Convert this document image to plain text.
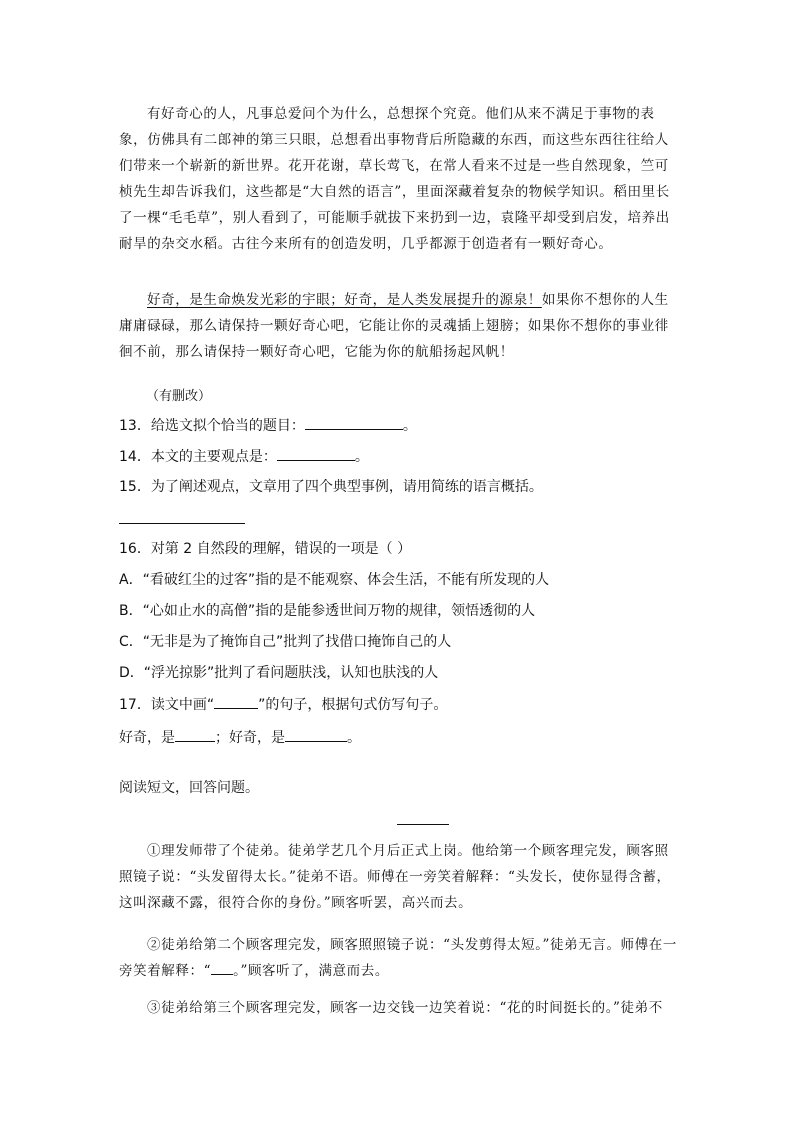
有好奇心的人，凡事总爱问个为什么，总想探个究竟。他们从来不满足于事物的表象，仿佛具有二郎神的第三只眼，总想看出事物背后所隐藏的东西，而这些东西往往给人们带来一个崭新的新世界。花开花谢，草长莺飞，在常人看来不过是一些自然现象，竺可桢先生却告诉我们，这些都是“大自然的语言”，里面深藏着复杂的物候学知识。稻田里长了一棵“毛毛草”，别人看到了，可能顺手就拔下来扔到一边，袁隆平却受到启发，培养出耐旱的杂交水稻。古往今来所有的创造发明，几乎都源于创造者有一颗好奇心。
好奇，是生命焕发光彩的宇眼；好奇，是人类发展提升的源泉！如果你不想你的人生庸庸碌碌，那么请保持一颗好奇心吧，它能让你的灵魂插上翅膀；如果你不想你的事业徘徊不前，那么请保持一颗好奇心吧，它能为你的航船扬起风帆！
（有删改）
13．给选文拟个恰当的题目：	。
14．本文的主要观点是：	。
15．为了阐述观点，文章用了四个典型事例，请用简练的语言概括。
16．对第 2 自然段的理解，错误的一项是（ ）
A．“看破红尘的过客”指的是不能观察、体会生活，不能有所发现的人
B．“心如止水的高僧”指的是能参透世间万物的规律，领悟透彻的人
C．“无非是为了掩饰自己”批判了找借口掩饰自己的人
D．“浮光掠影”批判了看问题肤浅，认知也肤浅的人
17．读文中画“	”的句子，根据句式仿写句子。
好奇，是	；好奇，是	。
阅读短文，回答问题。
①理发师带了个徒弟。徒弟学艺几个月后正式上岗。他给第一个顾客理完发，顾客照照镜子说：“头发留得太长。”徒弟不语。师傅在一旁笑着解释：“头发长，使你显得含蓄，这叫深藏不露，很符合你的身份。”顾客听罢，高兴而去。
②徒弟给第二个顾客理完发，顾客照照镜子说：“头发剪得太短。”徒弟无言。师傅在一旁笑着解释：“ 。”顾客听了，满意而去。
③徒弟给第三个顾客理完发，顾客一边交钱一边笑着说：“花的时间挺长的。”徒弟不
